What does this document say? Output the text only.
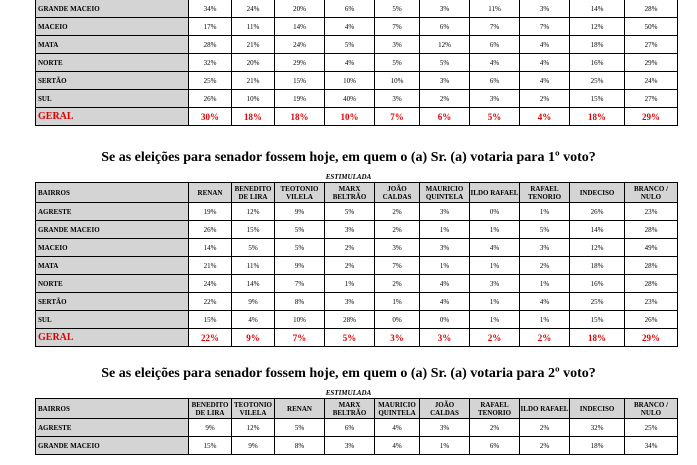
GRANDE MACEIO	34%	24%	20%	6%	5%	3%	11%	3%	14%	28%
MACEIO	17%	11%	14%	4%	7%	6%	7%	7%	12%	50%
MATA	28%	21%	24%	5%	3%	12%	6%	4%	18%	27%
NORTE	32%	20%	29%	4%	5%	5%	4%	4%	16%	29%
SERTÃO	25%	21%	15%	10%	10%	3%	6%	4%	25%	24%
SUL	26%	10%	19%	40%	3%	2%	3%	2%	15%	27%
GERAL	30%	18%	18%	10%	7%	6%	5%	4%	18%	29%
Se as eleições para senador fossem hoje, em quem o (a) Sr. (a) votaria para 1º voto?

ESTIMULADA

BAIRROS	RENAN	BENEDITO DE LIRA	TEOTONIO VILELA	MARX BELTRÃO	JOÃO CALDAS	MAURICIO QUINTELA	ILDO RAFAEL	RAFAEL TENORIO	INDECISO	BRANCO / NULO
AGRESTE	19%	12%	9%	5%	2%	3%	0%	1%	26%	23%
GRANDE MACEIO	26%	15%	5%	3%	2%	1%	1%	5%	14%	28%
MACEIO	14%	5%	5%	2%	3%	3%	4%	3%	12%	49%
MATA	21%	11%	9%	2%	7%	1%	1%	2%	18%	28%
NORTE	24%	14%	7%	1%	2%	4%	3%	1%	16%	28%
SERTÃO	22%	9%	8%	3%	1%	4%	1%	4%	25%	23%
SUL	15%	4%	10%	28%	0%	0%	1%	1%	15%	26%
GERAL	22%	9%	7%	5%	3%	3%	2%	2%	18%	29%
Se as eleições para senador fossem hoje, em quem o (a) Sr. (a) votaria para 2º voto?

ESTIMULADA

BAIRROS	BENEDITO DE LIRA	TEOTONIO VILELA	RENAN	MARX BELTRÃO	MAURICIO QUINTELA	JOÃO CALDAS	RAFAEL TENORIO	ILDO RAFAEL	INDECISO	BRANCO / NULO
AGRESTE	9%	12%	5%	6%	4%	3%	2%	2%	32%	25%
GRANDE MACEIO	15%	9%	8%	3%	4%	1%	6%	2%	18%	34%
